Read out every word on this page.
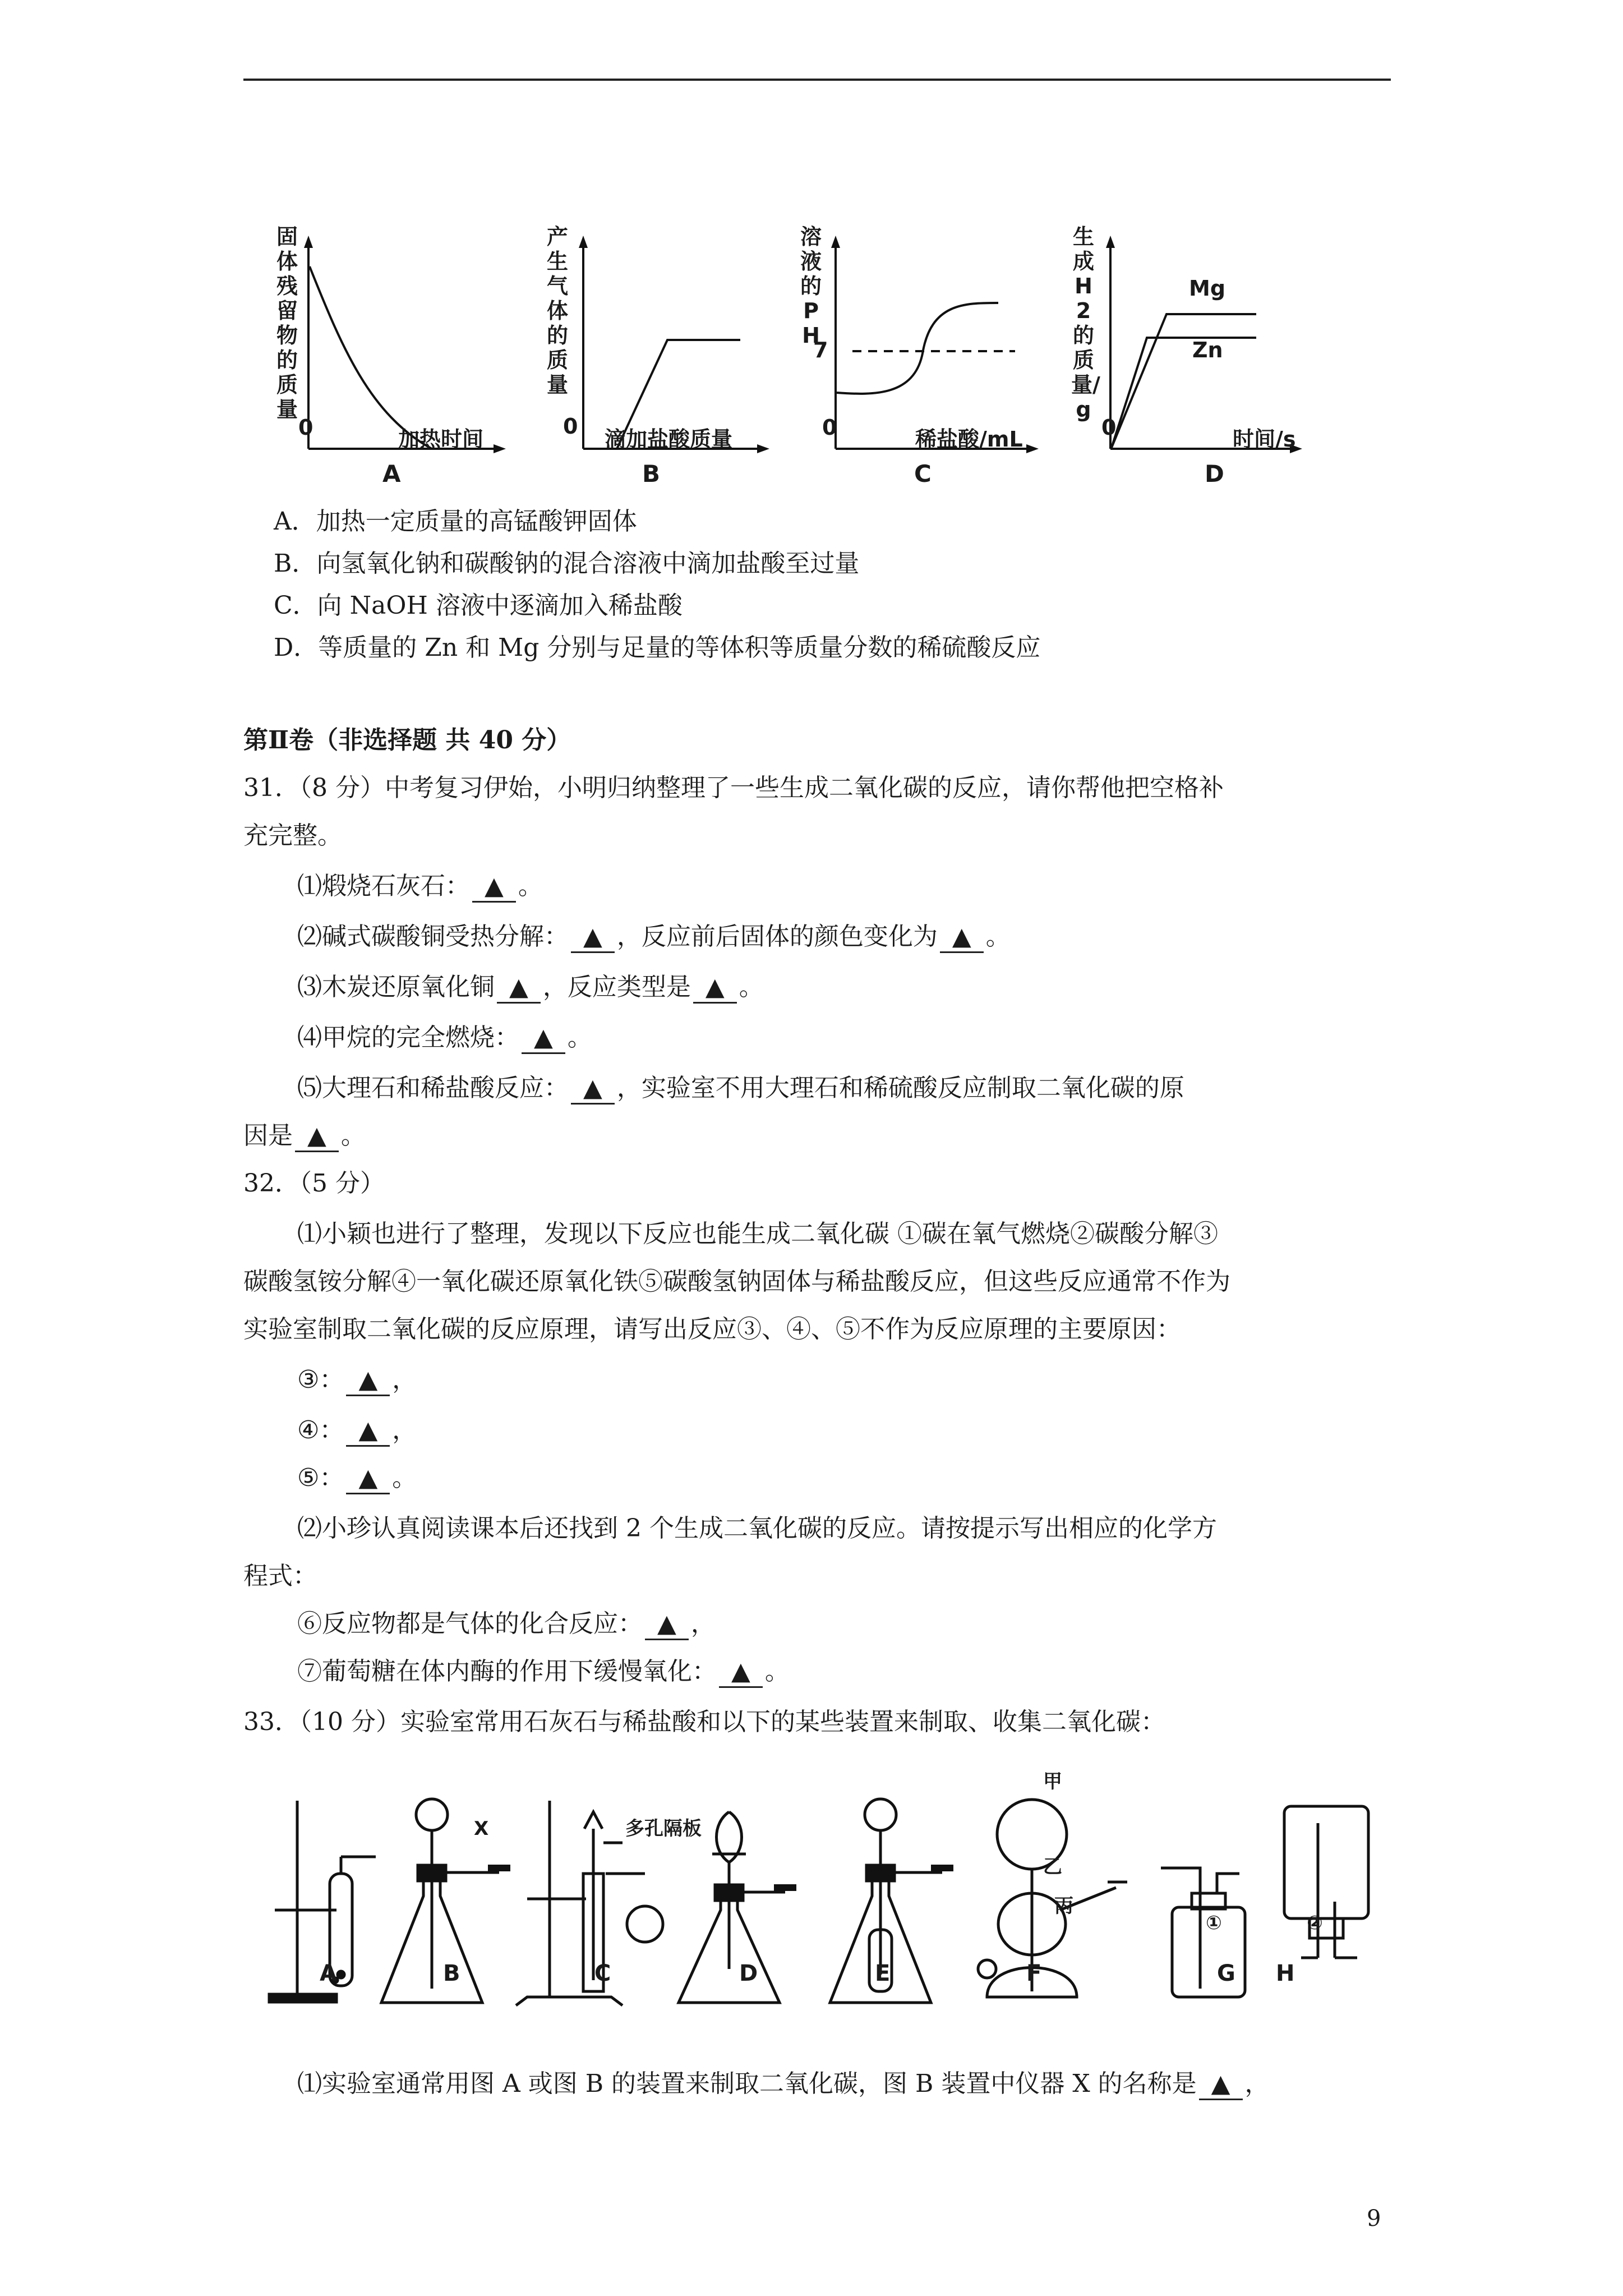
固体残留物的质量
0	加热时间
A
产生气体的质量
0
滴加盐酸质量
B
溶液的PH
7
0	稀盐酸/mL
C
生成H2的质量/g
Mg
Zn
0	时间/s
D
A．加热一定质量的高锰酸钾固体
B．向氢氧化钠和碳酸钠的混合溶液中滴加盐酸至过量
C．向 NaOH 溶液中逐滴加入稀盐酸
D．等质量的 Zn 和 Mg 分别与足量的等体积等质量分数的稀硫酸反应
第Ⅱ卷（非选择题 共 40 分）
31．（8 分）中考复习伊始，小明归纳整理了一些生成二氧化碳的反应，请你帮他把空格补
充完整。
⑴煅烧石灰石： ▲ 。
⑵碱式碳酸铜受热分解： ▲ ，反应前后固体的颜色变化为 ▲ 。
⑶木炭还原氧化铜 ▲ ，反应类型是 ▲ 。
⑷甲烷的完全燃烧： ▲ 。
⑸大理石和稀盐酸反应： ▲ ，实验室不用大理石和稀硫酸反应制取二氧化碳的原
因是 ▲ 。
32．（5 分）
⑴小颖也进行了整理，发现以下反应也能生成二氧化碳 ①碳在氧气燃烧②碳酸分解③
碳酸氢铵分解④一氧化碳还原氧化铁⑤碳酸氢钠固体与稀盐酸反应，但这些反应通常不作为
实验室制取二氧化碳的反应原理，请写出反应③、④、⑤不作为反应原理的主要原因：
③： ▲ ，
④： ▲ ，
⑤： ▲ 。
⑵小珍认真阅读课本后还找到 2 个生成二氧化碳的反应。请按提示写出相应的化学方
程式：
⑥反应物都是气体的化合反应： ▲ ，
⑦葡萄糖在体内酶的作用下缓慢氧化： ▲ 。
33．（10 分）实验室常用石灰石与稀盐酸和以下的某些装置来制取、收集二氧化碳：
X	多孔隔板
甲
乙
丙
①	②
A	B	C	D	E	F	G H
⑴实验室通常用图 A 或图 B 的装置来制取二氧化碳，图 B 装置中仪器 X 的名称是 ▲ ，
9
